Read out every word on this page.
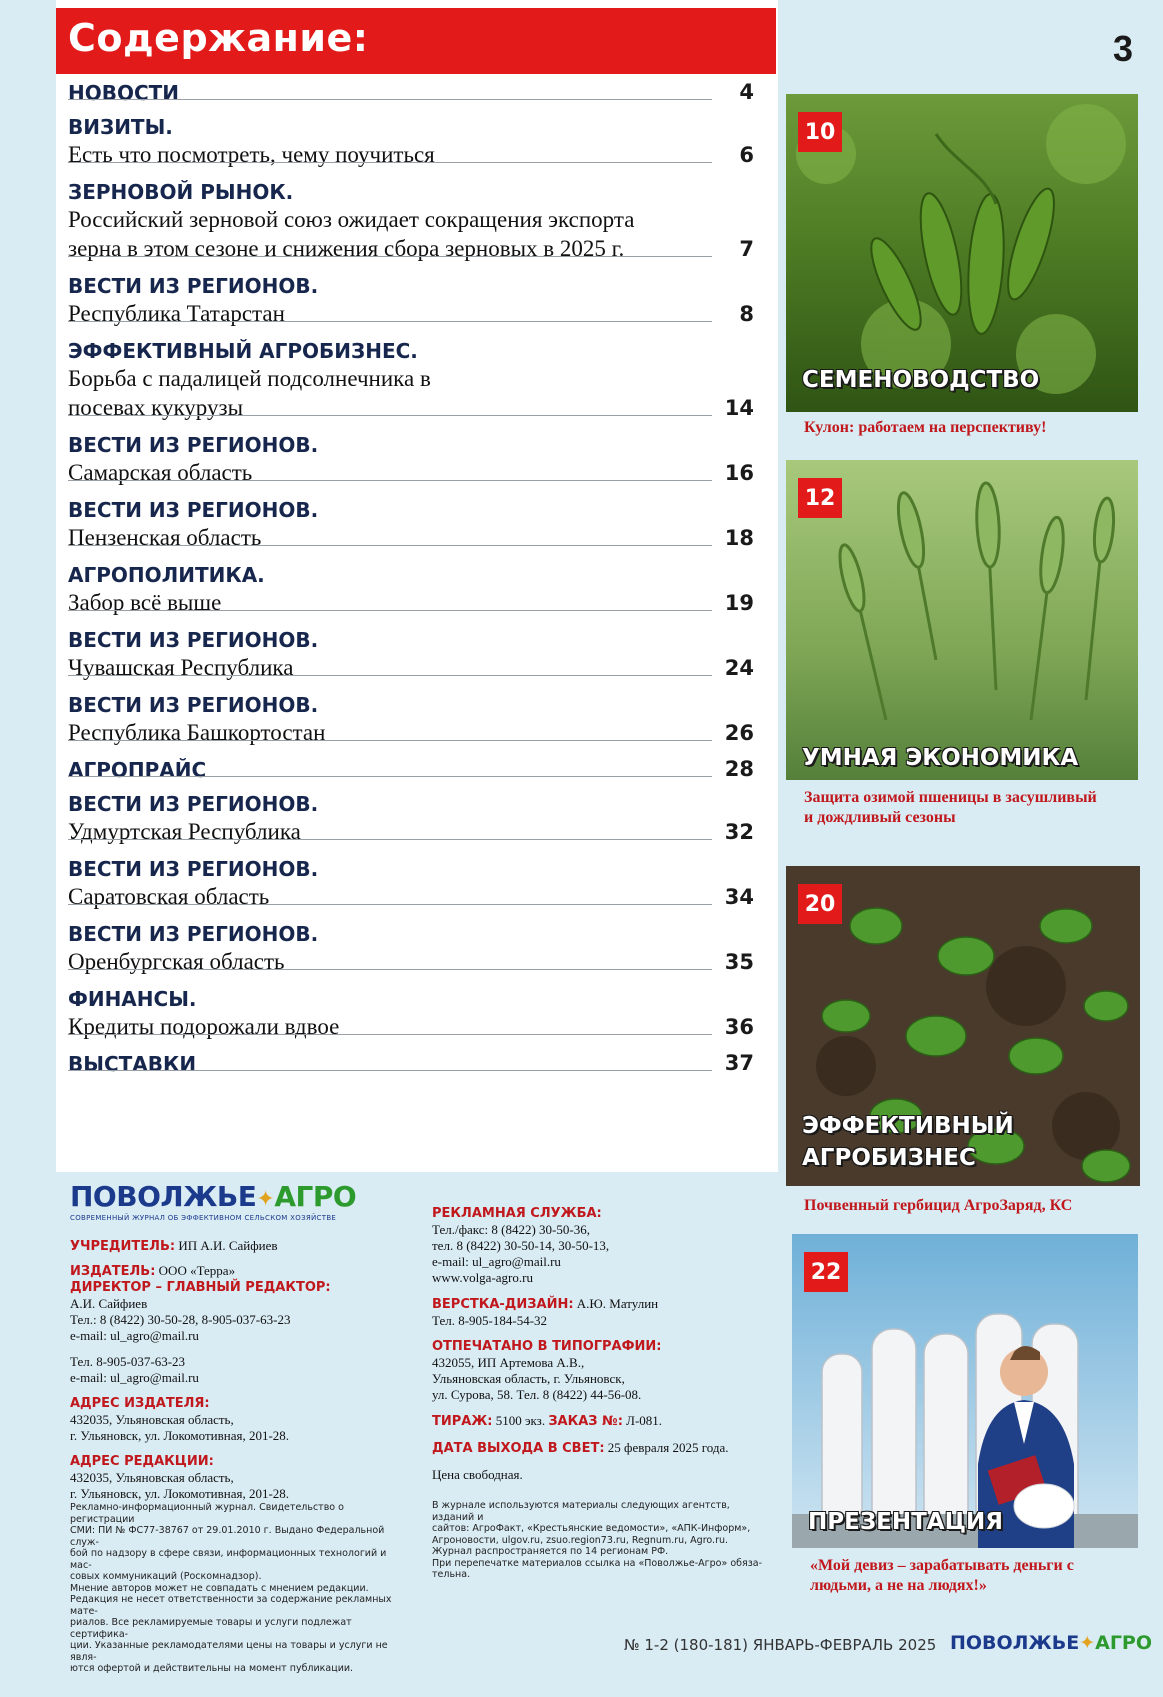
3
Содержание:
НОВОСТИ	4
ВИЗИТЫ.
Есть что посмотреть, чему поучиться	6
ЗЕРНОВОЙ РЫНОК.
Российский зерновой союз ожидает сокращения экспорта зерна в этом сезоне и снижения сбора зерновых в 2025 г.	7
ВЕСТИ ИЗ РЕГИОНОВ.
Республика Татарстан	8
ЭФФЕКТИВНЫЙ АГРОБИЗНЕС.
Борьба с падалицей подсолнечника в посевах кукурузы	14
ВЕСТИ ИЗ РЕГИОНОВ.
Самарская область	16
ВЕСТИ ИЗ РЕГИОНОВ.
Пензенская область	18
АГРОПОЛИТИКА.
Забор всё выше	19
ВЕСТИ ИЗ РЕГИОНОВ.
Чувашская Республика	24
ВЕСТИ ИЗ РЕГИОНОВ.
Республика Башкортостан	26
АГРОПРАЙС	28
ВЕСТИ ИЗ РЕГИОНОВ.
Удмуртская Республика	32
ВЕСТИ ИЗ РЕГИОНОВ.
Саратовская область	34
ВЕСТИ ИЗ РЕГИОНОВ.
Оренбургская область	35
ФИНАНСЫ.
Кредиты подорожали вдвое	36
ВЫСТАВКИ	37
ПОВОЛЖЬЕ✦АГРО
СОВРЕМЕННЫЙ ЖУРНАЛ ОБ ЭФФЕКТИВНОМ СЕЛЬСКОМ ХОЗЯЙСТВЕ
УЧРЕДИТЕЛЬ: ИП А.И. Сайфиев
ИЗДАТЕЛЬ: ООО «Терра»
ДИРЕКТОР – ГЛАВНЫЙ РЕДАКТОР:
А.И. Сайфиев
Тел.: 8 (8422) 30-50-28, 8-905-037-63-23
e-mail: ul_agro@mail.ru
Тел. 8-905-037-63-23
e-mail: ul_agro@mail.ru
АДРЕС ИЗДАТЕЛЯ:
432035, Ульяновская область,
г. Ульяновск, ул. Локомотивная, 201-28.
АДРЕС РЕДАКЦИИ:
432035, Ульяновская область,
г. Ульяновск, ул. Локомотивная, 201-28.
РЕКЛАМНАЯ СЛУЖБА:
Тел./факс: 8 (8422) 30-50-36,
тел. 8 (8422) 30-50-14, 30-50-13,
e-mail: ul_agro@mail.ru
www.volga-agro.ru
ВЕРСТКА-ДИЗАЙН: А.Ю. Матулин
Тел. 8-905-184-54-32
ОТПЕЧАТАНО В ТИПОГРАФИИ:
432055, ИП Артемова А.В.,
Ульяновская область, г. Ульяновск,
ул. Сурова, 58. Тел. 8 (8422) 44-56-08.
ТИРАЖ: 5100 экз. ЗАКАЗ №: Л-081.
ДАТА ВЫХОДА В СВЕТ: 25 февраля 2025 года.
Цена свободная.
Рекламно-информационный журнал. Свидетельство о регистрации
СМИ: ПИ № ФС77-38767 от 29.01.2010 г. Выдано Федеральной служ-
бой по надзору в сфере связи, информационных технологий и мас-
совых коммуникаций (Роскомнадзор).
Мнение авторов может не совпадать с мнением редакции.
Редакция не несет ответственности за содержание рекламных мате-
риалов. Все рекламируемые товары и услуги подлежат сертифика-
ции. Указанные рекламодателями цены на товары и услуги не явля-
ются офертой и действительны на момент публикации.
В журнале используются материалы следующих агентств, изданий и
сайтов: АгроФакт, «Крестьянские ведомости», «АПК-Информ»,
Агроновости, ulgov.ru, zsuo.region73.ru, Regnum.ru, Agro.ru.
Журнал распространяется по 14 регионам РФ.
При перепечатке материалов ссылка на «Поволжье-Агро» обяза-
тельна.
10
СЕМЕНОВОДСТВО
Кулон: работаем на перспективу!
12
УМНАЯ ЭКОНОМИКА
Защита озимой пшеницы в засушливый и дождливый сезоны
20
ЭФФЕКТИВНЫЙ
АГРОБИЗНЕС
Почвенный гербицид АгроЗаряд, КС
22
ПРЕЗЕНТАЦИЯ
«Мой девиз – зарабатывать деньги с людьми, а не на людях!»
№ 1-2 (180-181) ЯНВАРЬ-ФЕВРАЛЬ 2025 ПОВОЛЖЬЕ✦АГРО
